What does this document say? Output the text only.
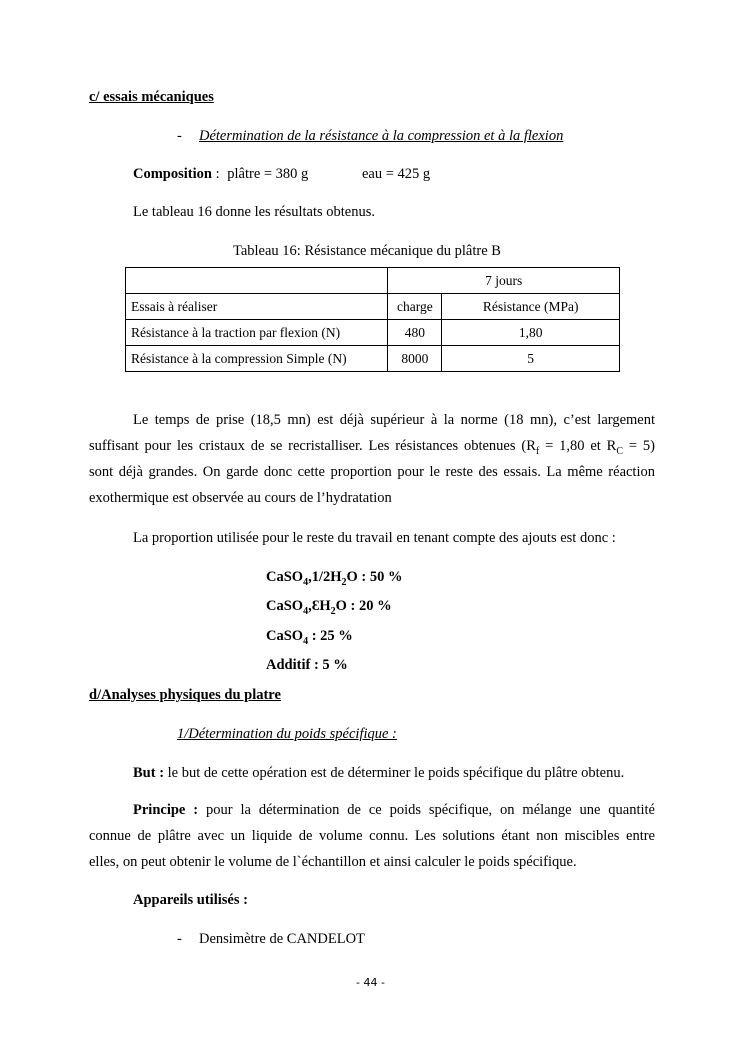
c/ essais mécaniques
- Détermination de la résistance à la compression et à la flexion
Composition : plâtre = 380 g	eau = 425 g
Le tableau 16 donne les résultats obtenus.
Tableau 16: Résistance mécanique du plâtre B
	7 jours	
Essais à réaliser	charge	Résistance (MPa)
Résistance à la traction par flexion (N)	480	1,80
Résistance à la compression Simple (N)	8000	5
Le temps de prise (18,5 mn) est déjà supérieur à la norme (18 mn), c’est largement
suffisant pour les cristaux de se recristalliser. Les résistances obtenues ($R_f = 1,80$ et $R_C = 5$)
sont déjà grandes. On garde donc cette proportion pour le reste des essais. La même réaction
exothermique est observée au cours de l’hydratation
La proportion utilisée pour le reste du travail en tenant compte des ajouts est donc :
$CaSO_4,1/2H_2O$ : 50 %
$CaSO_4,ƐH_2O$ : 20 %
CaSO$_4$ : 25 %
Additif : 5 %
d/Analyses physiques du platre
1/Détermination du poids spécifique :
But : le but de cette opération est de déterminer le poids spécifique du plâtre obtenu.
Principe : pour la détermination de ce poids spécifique, on mélange une quantité
connue de plâtre avec un liquide de volume connu. Les solutions étant non miscibles entre
elles, on peut obtenir le volume de l`échantillon et ainsi calculer le poids spécifique.
Appareils utilisés :
- Densimètre de CANDELOT
- 44 -
